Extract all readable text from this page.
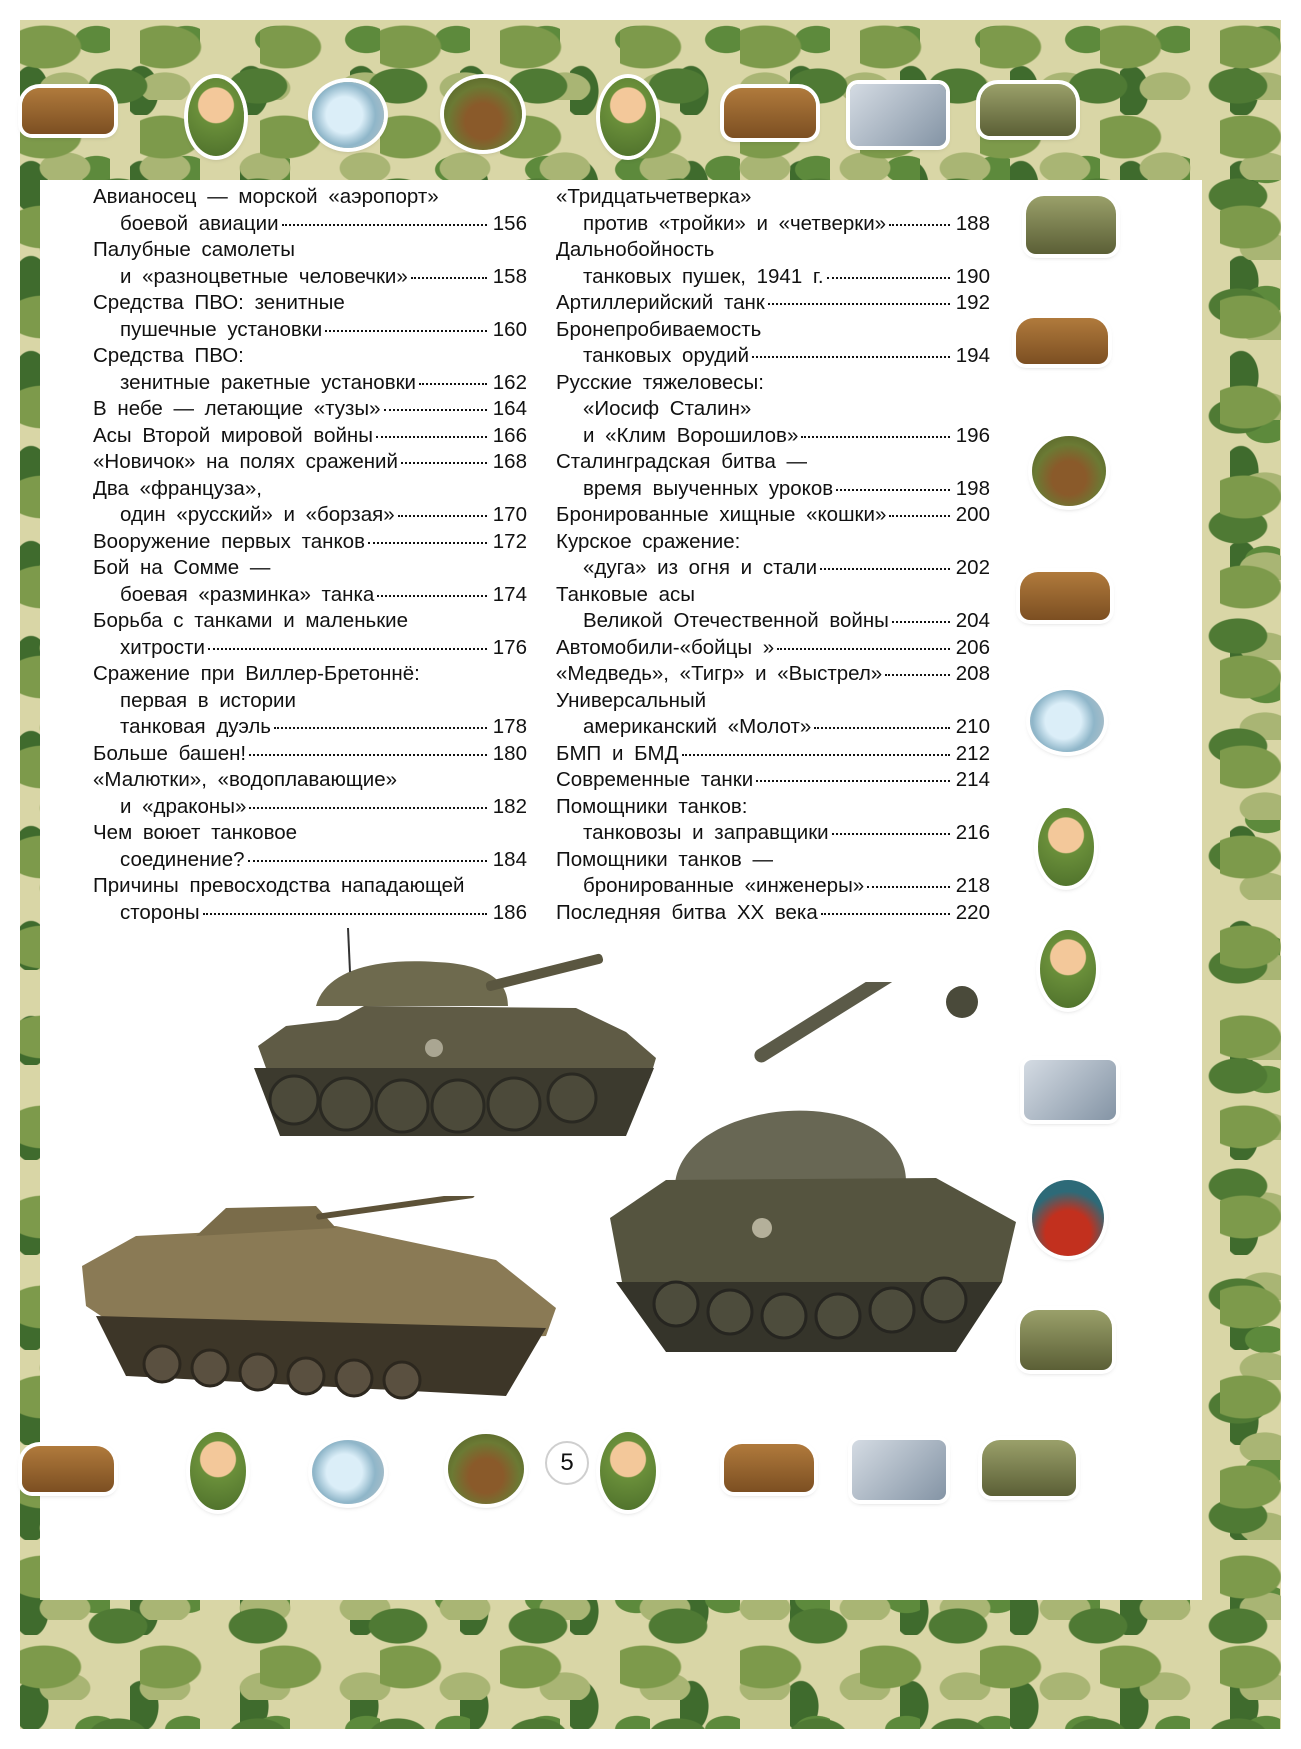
Авианосец — морской «аэропорт»
боевой авиации	156
Палубные самолеты
и «разноцветные человечки»	158
Средства ПВО: зенитные
пушечные установки	160
Средства ПВО:
зенитные ракетные установки	162
В небе — летающие «тузы»	164
Асы Второй мировой войны	166
«Новичок» на полях сражений	168
Два «француза»,
один «русский» и «борзая»	170
Вооружение первых танков	172
Бой на Сомме —
боевая «разминка» танка	174
Борьба с танками и маленькие
хитрости	176
Сражение при Виллер-Бретоннё:
первая в истории
танковая дуэль	178
Больше башен!	180
«Малютки», «водоплавающие»
и «драконы»	182
Чем воюет танковое
соединение?	184
Причины превосходства нападающей
стороны	186
«Тридцатьчетверка»
против «тройки» и «четверки»	188
Дальнобойность
танковых пушек, 1941 г.	190
Артиллерийский танк	192
Бронепробиваемость
танковых орудий	194
Русские тяжеловесы:
«Иосиф Сталин»
и «Клим Ворошилов»	196
Сталинградская битва —
время выученных уроков	198
Бронированные хищные «кошки»	200
Курское сражение:
«дуга» из огня и стали	202
Танковые асы
Великой Отечественной войны	204
Автомобили-«бойцы »	206
«Медведь», «Тигр» и «Выстрел»	208
Универсальный
американский «Молот»	210
БМП и БМД	212
Современные танки	214
Помощники танков:
танковозы и заправщики	216
Помощники танков —
бронированные «инженеры»	218
Последняя битва XX века	220
5
